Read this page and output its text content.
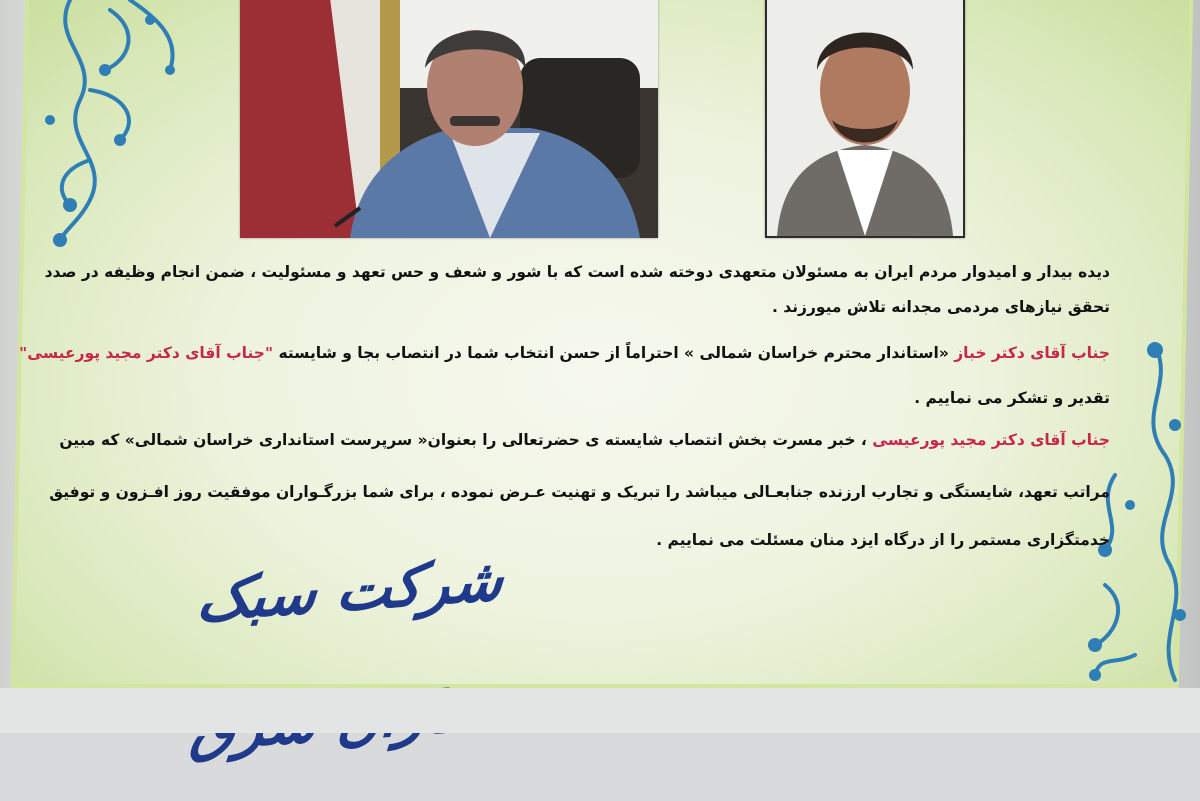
دیده بیدار و امیدوار مردم ایران به مسئولان متعهدی دوخته شده است که با شور و شعف و حس تعهد و مسئولیت ، ضمن انجام وظیفه در صدد
تحقق نیازهای مردمی مجدانه تلاش میورزند .
جناب آقای دکتر خباز «استاندار محترم خراسان شمالی » احتراماً از حسن انتخاب شما در انتصاب بجا و شایسته "جناب آقای دکتر مجید پورعیسی"
تقدیر و تشکر می نماییم .
جناب آقای دکتر مجید پورعیسی ، خبر مسرت بخش انتصاب شایسته ی حضرتعالی را بعنوان« سرپرست استانداری خراسان شمالی» که مبین
مراتب تعهد، شایستگی و تجارب ارزنده جنابعـالی میباشد را تبریک و تهنیت عـرض نموده ، برای شما بزرگـواران موفقیت روز افـزون و توفیق
خدمتگزاری مستمر را از درگاه ایزد منان مسئلت می نماییم .
شرکت سبک
